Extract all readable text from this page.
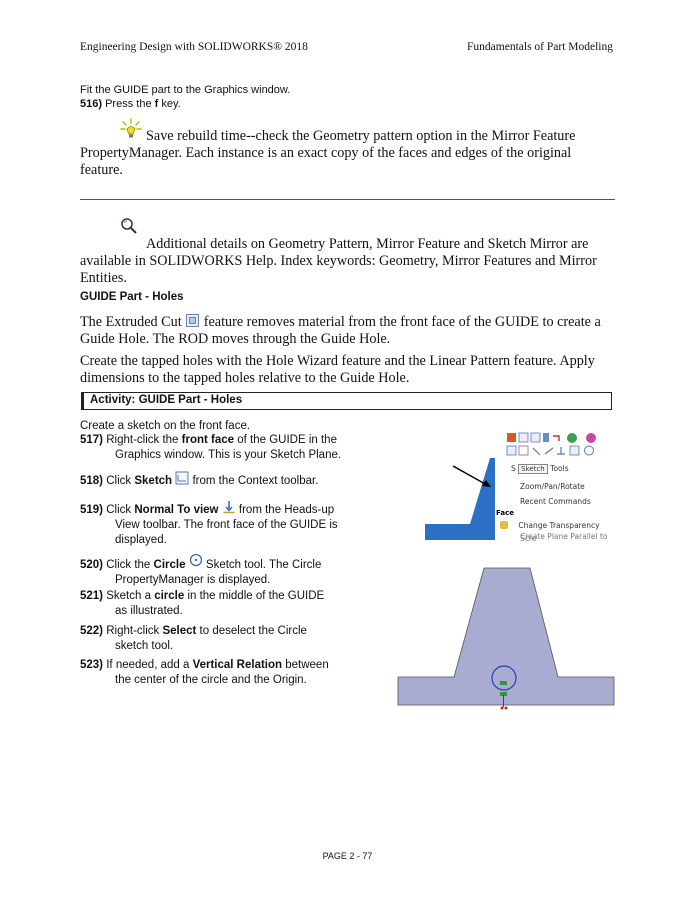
Engineering Design with SOLIDWORKS® 2018	Fundamentals of Part Modeling
Fit the GUIDE part to the Graphics window.
516) Press the f key.
Save rebuild time--check the Geometry pattern option in the Mirror Feature PropertyManager. Each instance is an exact copy of the faces and edges of the original feature.
Additional details on Geometry Pattern, Mirror Feature and Sketch Mirror are available in SOLIDWORKS Help. Index keywords: Geometry, Mirror Features and Mirror Entities.
GUIDE Part - Holes
The Extruded Cut feature removes material from the front face of the GUIDE to create a Guide Hole. The ROD moves through the Guide Hole.
Create the tapped holes with the Hole Wizard feature and the Linear Pattern feature. Apply dimensions to the tapped holes relative to the Guide Hole.
Activity: GUIDE Part - Holes
Create a sketch on the front face.
517) Right-click the front face of the GUIDE in the
Graphics window. This is your Sketch Plane.
518) Click Sketch  from the Context toolbar.
519) Click Normal To view  from the Heads-up
View toolbar. The front face of the GUIDE is
displayed.
520) Click the Circle  Sketch tool. The Circle
PropertyManager is displayed.
521) Sketch a circle in the middle of the GUIDE
as illustrated.
522) Right-click Select to deselect the Circle
sketch tool.
523) If needed, add a Vertical Relation between
the center of the circle and the Origin.
S Sketch Tools
Zoom/Pan/Rotate
Recent Commands
Face
Change Transparency
Create Plane Parallel to Scre
PAGE 2 - 77
